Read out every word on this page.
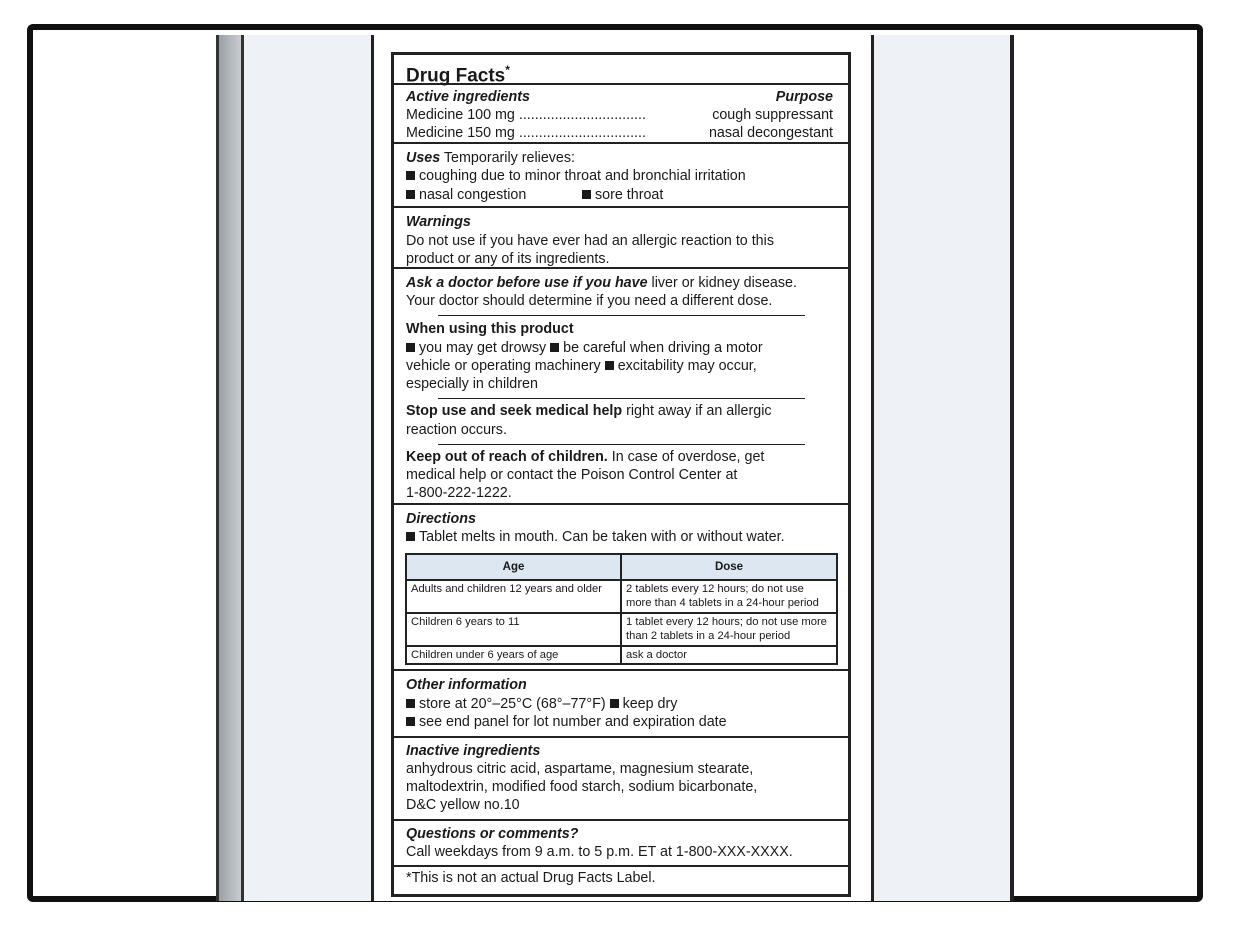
Drug Facts*
Active ingredients	Purpose
Medicine 100 mg ................................	cough suppressant
Medicine 150 mg ................................	nasal decongestant
Uses Temporarily relieves:
coughing due to minor throat and bronchial irritation
nasal congestion	sore throat
Warnings
Do not use if you have ever had an allergic reaction to this
product or any of its ingredients.
Ask a doctor before use if you have liver or kidney disease.
Your doctor should determine if you need a different dose.
When using this product
you may get drowsy be careful when driving a motor
vehicle or operating machinery excitability may occur,
especially in children
Stop use and seek medical help right away if an allergic
reaction occurs.
Keep out of reach of children. In case of overdose, get
medical help or contact the Poison Control Center at
1-800-222-1222.
Directions
Tablet melts in mouth. Can be taken with or without water.
Age	Dose
Adults and children 12 years and older	2 tablets every 12 hours; do not use more than 4 tablets in a 24-hour period
Children 6 years to 11	1 tablet every 12 hours; do not use more than 2 tablets in a 24-hour period
Children under 6 years of age	ask a doctor
Other information
store at 20°–25°C (68°–77°F) keep dry
see end panel for lot number and expiration date
Inactive ingredients
anhydrous citric acid, aspartame, magnesium stearate,
maltodextrin, modified food starch, sodium bicarbonate,
D&C yellow no.10
Questions or comments?
Call weekdays from 9 a.m. to 5 p.m. ET at 1-800-XXX-XXXX.
*This is not an actual Drug Facts Label.
